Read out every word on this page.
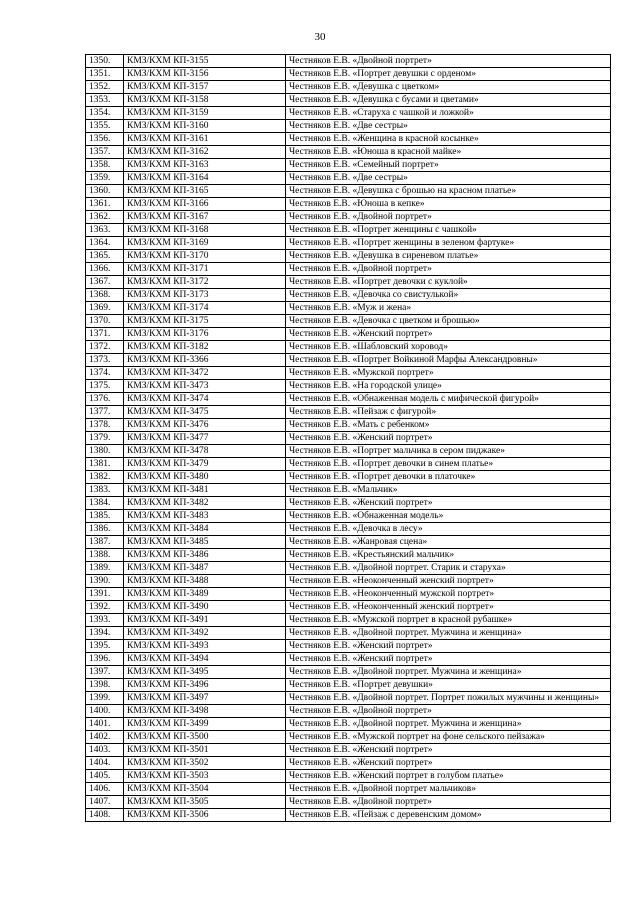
30
1350.	КМЗ/КХМ КП-3155	Честняков Е.В. «Двойной портрет»
1351.	КМЗ/КХМ КП-3156	Честняков Е.В. «Портрет девушки с орденом»
1352.	КМЗ/КХМ КП-3157	Честняков Е.В. «Девушка с цветком»
1353.	КМЗ/КХМ КП-3158	Честняков Е.В. «Девушка с бусами и цветами»
1354.	КМЗ/КХМ КП-3159	Честняков Е.В. «Старуха с чашкой и ложкой»
1355.	КМЗ/КХМ КП-3160	Честняков Е.В. «Две сестры»
1356.	КМЗ/КХМ КП-3161	Честняков Е.В. «Женщина в красной косынке»
1357.	КМЗ/КХМ КП-3162	Честняков Е.В. «Юноша в красной майке»
1358.	КМЗ/КХМ КП-3163	Честняков Е.В. «Семейный портрет»
1359.	КМЗ/КХМ КП-3164	Честняков Е.В. «Две сестры»
1360.	КМЗ/КХМ КП-3165	Честняков Е.В. «Девушка с брошью на красном платье»
1361.	КМЗ/КХМ КП-3166	Честняков Е.В. «Юноша в кепке»
1362.	КМЗ/КХМ КП-3167	Честняков Е.В. «Двойной портрет»
1363.	КМЗ/КХМ КП-3168	Честняков Е.В. «Портрет женщины с чашкой»
1364.	КМЗ/КХМ КП-3169	Честняков Е.В. «Портрет женщины в зеленом фартуке»
1365.	КМЗ/КХМ КП-3170	Честняков Е.В. «Девушка в сиреневом платье»
1366.	КМЗ/КХМ КП-3171	Честняков Е.В. «Двойной портрет»
1367.	КМЗ/КХМ КП-3172	Честняков Е.В. «Портрет девочки с куклой»
1368.	КМЗ/КХМ КП-3173	Честняков Е.В. «Девочка со свистулькой»
1369.	КМЗ/КХМ КП-3174	Честняков Е.В. «Муж и жена»
1370.	КМЗ/КХМ КП-3175	Честняков Е.В. «Девочка с цветком и брошью»
1371.	КМЗ/КХМ КП-3176	Честняков Е.В. «Женский портрет»
1372.	КМЗ/КХМ КП-3182	Честняков Е.В. «Шабловский хоровод»
1373.	КМЗ/КХМ КП-3366	Честняков Е.В. «Портрет Войкиной Марфы Александровны»
1374.	КМЗ/КХМ КП-3472	Честняков Е.В. «Мужской портрет»
1375.	КМЗ/КХМ КП-3473	Честняков Е.В. «На городской улице»
1376.	КМЗ/КХМ КП-3474	Честняков Е.В. «Обнаженная модель с мифической фигурой»
1377.	КМЗ/КХМ КП-3475	Честняков Е.В. «Пейзаж с фигурой»
1378.	КМЗ/КХМ КП-3476	Честняков Е.В. «Мать с ребенком»
1379.	КМЗ/КХМ КП-3477	Честняков Е.В. «Женский портрет»
1380.	КМЗ/КХМ КП-3478	Честняков Е.В. «Портрет мальчика в сером пиджаке»
1381.	КМЗ/КХМ КП-3479	Честняков Е.В. «Портрет девочки в синем платье»
1382.	КМЗ/КХМ КП-3480	Честняков Е.В. «Портрет девочки в платочке»
1383.	КМЗ/КХМ КП-3481	Честняков Е.В. «Мальчик»
1384.	КМЗ/КХМ КП-3482	Честняков Е.В. «Женский портрет»
1385.	КМЗ/КХМ КП-3483	Честняков Е.В. «Обнаженная модель»
1386.	КМЗ/КХМ КП-3484	Честняков Е.В. «Девочка в лесу»
1387.	КМЗ/КХМ КП-3485	Честняков Е.В. «Жанровая сцена»
1388.	КМЗ/КХМ КП-3486	Честняков Е.В. «Крестьянский мальчик»
1389.	КМЗ/КХМ КП-3487	Честняков Е.В. «Двойной портрет. Старик и старуха»
1390.	КМЗ/КХМ КП-3488	Честняков Е.В. «Неоконченный женский портрет»
1391.	КМЗ/КХМ КП-3489	Честняков Е.В. «Неоконченный мужской портрет»
1392.	КМЗ/КХМ КП-3490	Честняков Е.В. «Неоконченный женский портрет»
1393.	КМЗ/КХМ КП-3491	Честняков Е.В. «Мужской портрет в красной рубашке»
1394.	КМЗ/КХМ КП-3492	Честняков Е.В. «Двойной портрет. Мужчина и женщина»
1395.	КМЗ/КХМ КП-3493	Честняков Е.В. «Женский портрет»
1396.	КМЗ/КХМ КП-3494	Честняков Е.В. «Женский портрет»
1397.	КМЗ/КХМ КП-3495	Честняков Е.В. «Двойной портрет. Мужчина и женщина»
1398.	КМЗ/КХМ КП-3496	Честняков Е.В. «Портрет девушки»
1399.	КМЗ/КХМ КП-3497	Честняков Е.В. «Двойной портрет. Портрет пожилых мужчины и женщины»
1400.	КМЗ/КХМ КП-3498	Честняков Е.В. «Двойной портрет»
1401.	КМЗ/КХМ КП-3499	Честняков Е.В. «Двойной портрет. Мужчина и женщина»
1402.	КМЗ/КХМ КП-3500	Честняков Е.В. «Мужской портрет на фоне сельского пейзажа»
1403.	КМЗ/КХМ КП-3501	Честняков Е.В. «Женский портрет»
1404.	КМЗ/КХМ КП-3502	Честняков Е.В. «Женский портрет»
1405.	КМЗ/КХМ КП-3503	Честняков Е.В. «Женский портрет в голубом платье»
1406.	КМЗ/КХМ КП-3504	Честняков Е.В. «Двойной портрет мальчиков»
1407.	КМЗ/КХМ КП-3505	Честняков Е.В. «Двойной портрет»
1408.	КМЗ/КХМ КП-3506	Честняков Е.В. «Пейзаж с деревенским домом»
